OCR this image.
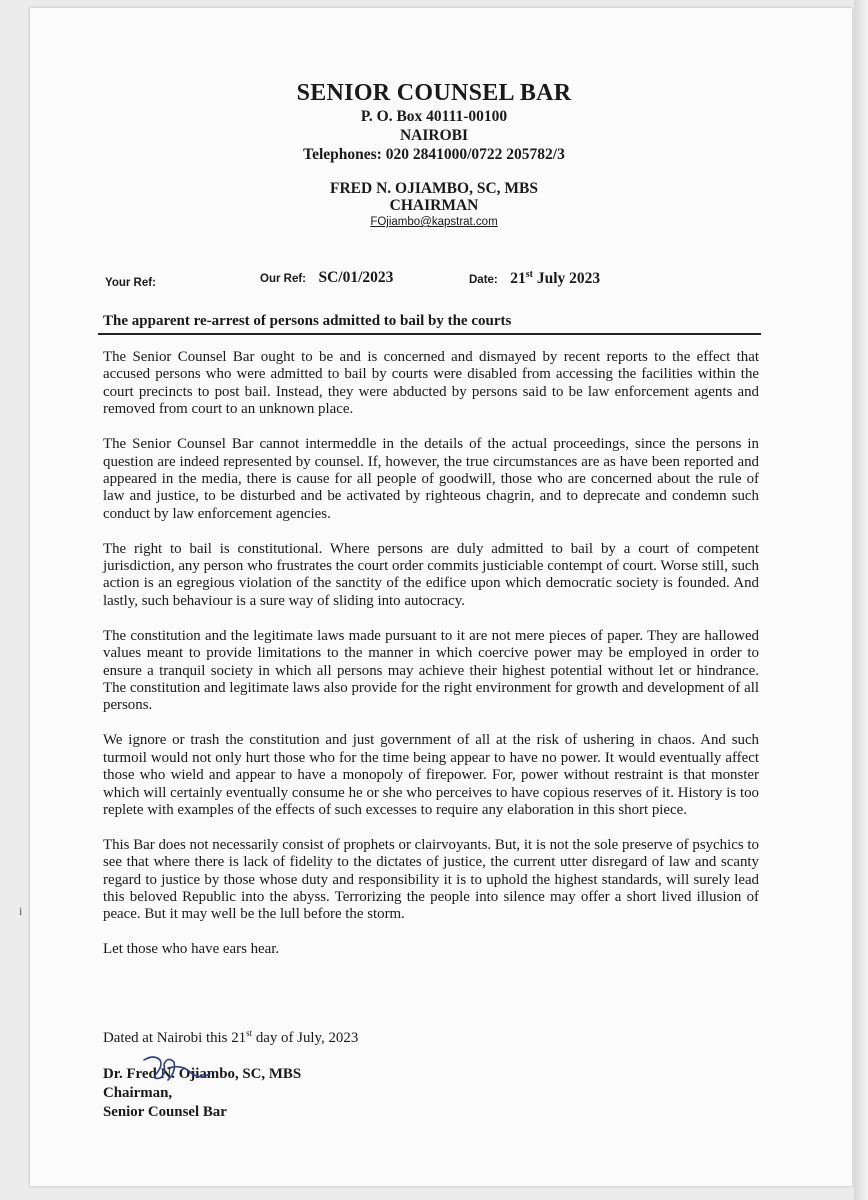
SENIOR COUNSEL BAR
P. O. Box 40111-00100
NAIROBI
Telephones: 020 2841000/0722 205782/3
FRED N. OJIAMBO, SC, MBS
CHAIRMAN
FOjiambo@kapstrat.com
Your Ref:	Our Ref: SC/01/2023	Date: 21st July 2023
The apparent re-arrest of persons admitted to bail by the courts

The Senior Counsel Bar ought to be and is concerned and dismayed by recent reports to the effect that accused persons who were admitted to bail by courts were disabled from accessing the facilities within the court precincts to post bail. Instead, they were abducted by persons said to be law enforcement agents and removed from court to an unknown place.

The Senior Counsel Bar cannot intermeddle in the details of the actual proceedings, since the persons in question are indeed represented by counsel. If, however, the true circumstances are as have been reported and appeared in the media, there is cause for all people of goodwill, those who are concerned about the rule of law and justice, to be disturbed and be activated by righteous chagrin, and to deprecate and condemn such conduct by law enforcement agencies.

The right to bail is constitutional. Where persons are duly admitted to bail by a court of competent jurisdiction, any person who frustrates the court order commits justiciable contempt of court. Worse still, such action is an egregious violation of the sanctity of the edifice upon which democratic society is founded. And lastly, such behaviour is a sure way of sliding into autocracy.

The constitution and the legitimate laws made pursuant to it are not mere pieces of paper. They are hallowed values meant to provide limitations to the manner in which coercive power may be employed in order to ensure a tranquil society in which all persons may achieve their highest potential without let or hindrance. The constitution and legitimate laws also provide for the right environment for growth and development of all persons.

We ignore or trash the constitution and just government of all at the risk of ushering in chaos. And such turmoil would not only hurt those who for the time being appear to have no power. It would eventually affect those who wield and appear to have a monopoly of firepower. For, power without restraint is that monster which will certainly eventually consume he or she who perceives to have copious reserves of it. History is too replete with examples of the effects of such excesses to require any elaboration in this short piece.

This Bar does not necessarily consist of prophets or clairvoyants. But, it is not the sole preserve of psychics to see that where there is lack of fidelity to the dictates of justice, the current utter disregard of law and scanty regard to justice by those whose duty and responsibility it is to uphold the highest standards, will surely lead this beloved Republic into the abyss. Terrorizing the people into silence may offer a short lived illusion of peace. But it may well be the lull before the storm.

Let those who have ears hear.

Dated at Nairobi this 21st day of July, 2023
Dr. Fred N. Ojiambo, SC, MBS
Chairman,
Senior Counsel Bar
i
